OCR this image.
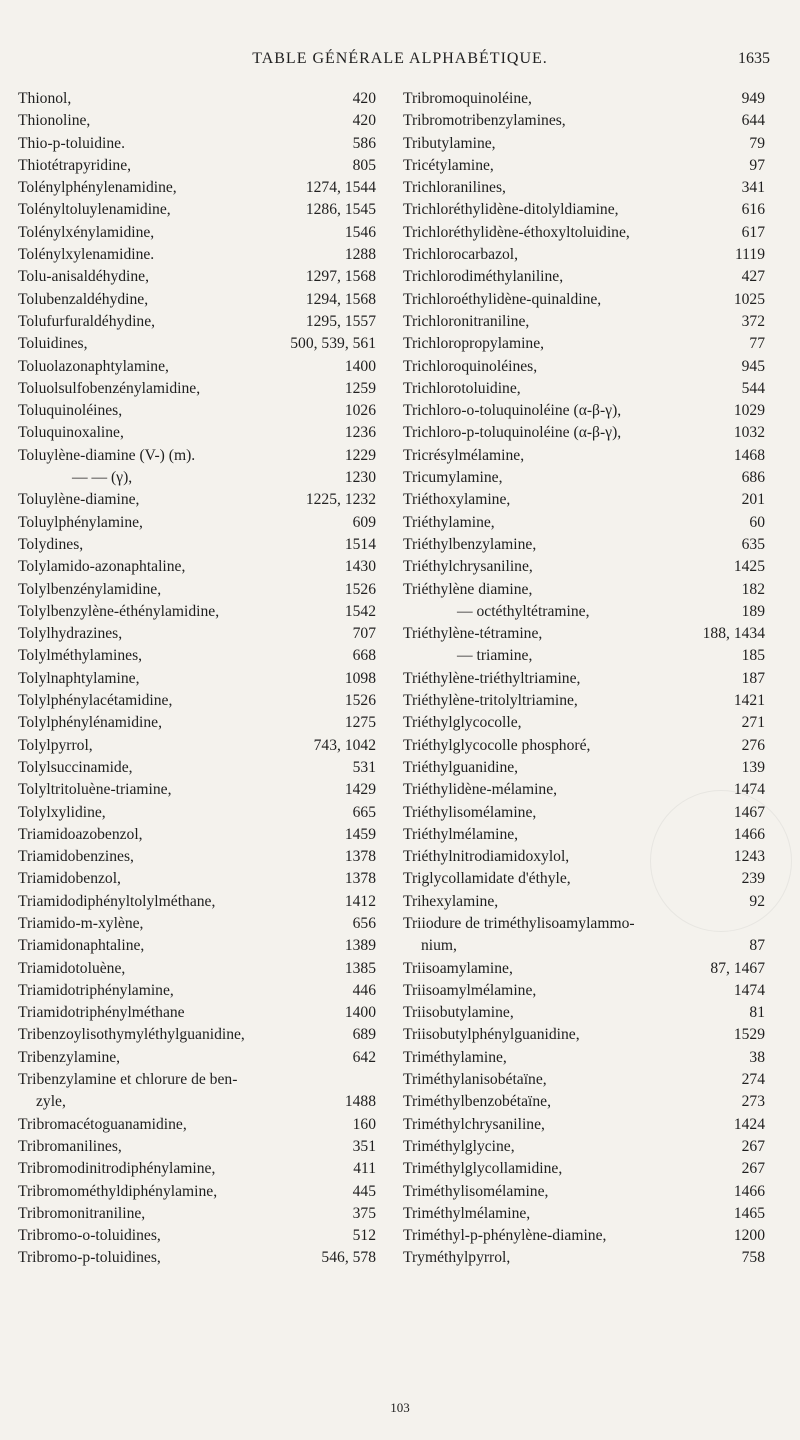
TABLE GÉNÉRALE ALPHABÉTIQUE.	1635
Thionol,	420
Thionoline,	420
Thio-p-toluidine.	586
Thiotétrapyridine,	805
Tolénylphénylenamidine,	1274, 1544
Tolényltoluylenamidine,	1286, 1545
Tolénylxénylamidine,	1546
Tolénylxylenamidine.	1288
Tolu-anisaldéhydine,	1297, 1568
Tolubenzaldéhydine,	1294, 1568
Tolufurfuraldéhydine,	1295, 1557
Toluidines,	500, 539, 561
Toluolazonaphtylamine,	1400
Toluolsulfobenzénylamidine,	1259
Toluquinoléines,	1026
Toluquinoxaline,	1236
Toluylène-diamine (V-) (m).	1229
— — (γ),	1230
Toluylène-diamine,	1225, 1232
Toluylphénylamine,	609
Tolydines,	1514
Tolylamido-azonaphtaline,	1430
Tolylbenzénylamidine,	1526
Tolylbenzylène-éthénylamidine,	1542
Tolylhydrazines,	707
Tolylméthylamines,	668
Tolylnaphtylamine,	1098
Tolylphénylacétamidine,	1526
Tolylphénylénamidine,	1275
Tolylpyrrol,	743, 1042
Tolylsuccinamide,	531
Tolyltritoluène-triamine,	1429
Tolylxylidine,	665
Triamidoazobenzol,	1459
Triamidobenzines,	1378
Triamidobenzol,	1378
Triamidodiphényltolylméthane,	1412
Triamido-m-xylène,	656
Triamidonaphtaline,	1389
Triamidotoluène,	1385
Triamidotriphénylamine,	446
Triamidotriphénylméthane	1400
Tribenzoylisothymyléthylguanidine,	689
Tribenzylamine,	642
Tribenzylamine et chlorure de ben-
zyle,	1488
Tribromacétoguanamidine,	160
Tribromanilines,	351
Tribromodinitrodiphénylamine,	411
Tribromométhyldiphénylamine,	445
Tribromonitraniline,	375
Tribromo-o-toluidines,	512
Tribromo-p-toluidines,	546, 578
Tribromoquinoléine,	949
Tribromotribenzylamines,	644
Tributylamine,	79
Tricétylamine,	97
Trichloranilines,	341
Trichloréthylidène-ditolyldiamine,	616
Trichloréthylidène-éthoxyltoluidine,	617
Trichlorocarbazol,	1119
Trichlorodiméthylaniline,	427
Trichloroéthylidène-quinaldine,	1025
Trichloronitraniline,	372
Trichloropropylamine,	77
Trichloroquinoléines,	945
Trichlorotoluidine,	544
Trichloro-o-toluquinoléine (α-β-γ),	1029
Trichloro-p-toluquinoléine (α-β-γ),	1032
Tricrésylmélamine,	1468
Tricumylamine,	686
Triéthoxylamine,	201
Triéthylamine,	60
Triéthylbenzylamine,	635
Triéthylchrysaniline,	1425
Triéthylène diamine,	182
— octéthyltétramine,	189
Triéthylène-tétramine,	188, 1434
— triamine,	185
Triéthylène-triéthyltriamine,	187
Triéthylène-tritolyltriamine,	1421
Triéthylglycocolle,	271
Triéthylglycocolle phosphoré,	276
Triéthylguanidine,	139
Triéthylidène-mélamine,	1474
Triéthylisomélamine,	1467
Triéthylmélamine,	1466
Triéthylnitrodiamidoxylol,	1243
Triglycollamidate d'éthyle,	239
Trihexylamine,	92
Triiodure de triméthylisoamylammo-
nium,	87
Triisoamylamine,	87, 1467
Triisoamylmélamine,	1474
Triisobutylamine,	81
Triisobutylphénylguanidine,	1529
Triméthylamine,	38
Triméthylanisobétaïne,	274
Triméthylbenzobétaïne,	273
Triméthylchrysaniline,	1424
Triméthylglycine,	267
Triméthylglycollamidine,	267
Triméthylisomélamine,	1466
Triméthylmélamine,	1465
Triméthyl-p-phénylène-diamine,	1200
Tryméthylpyrrol,	758
103
